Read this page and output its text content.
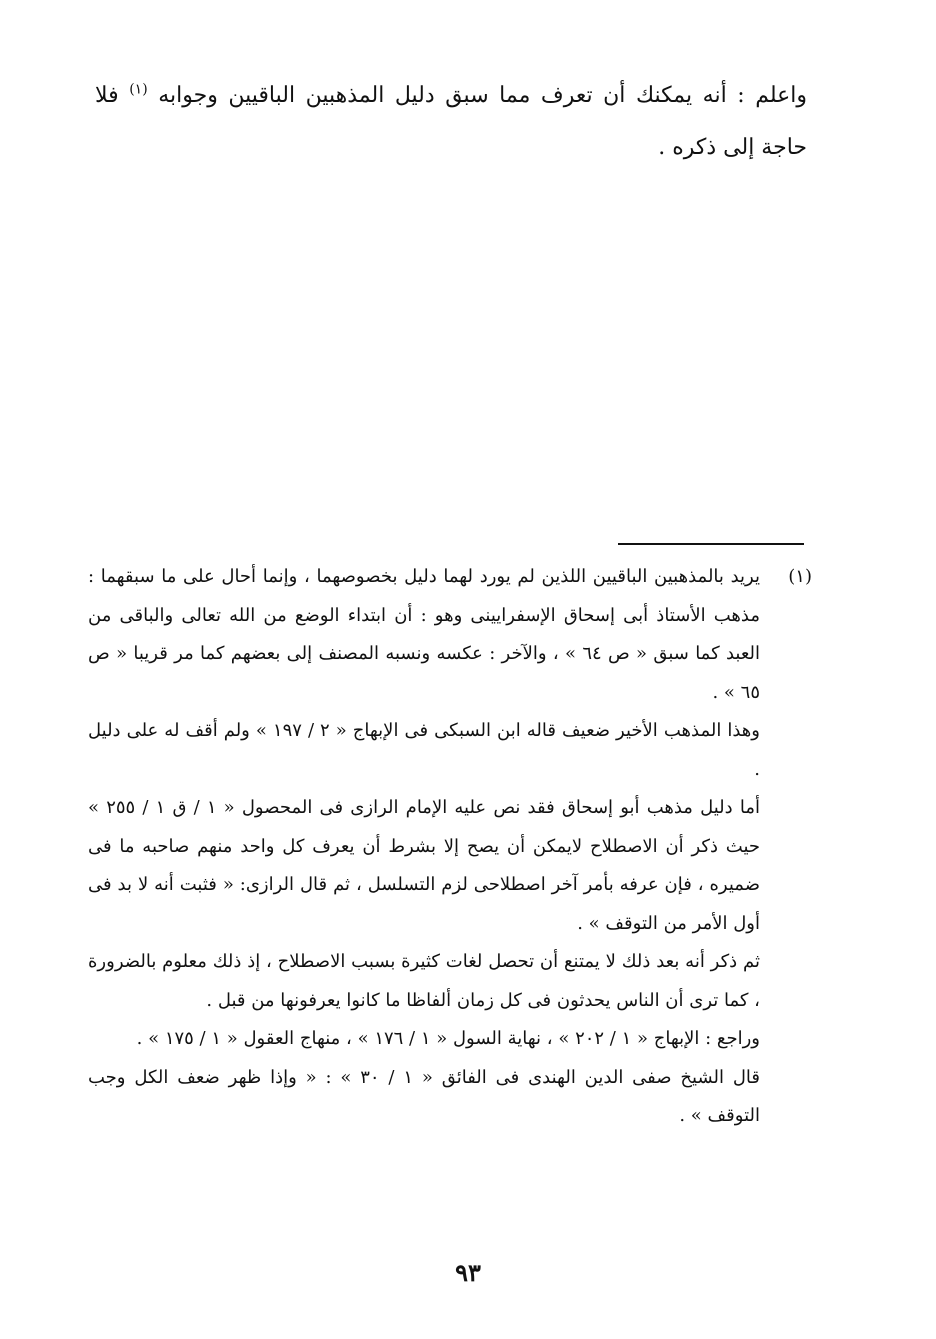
واعلم : أنه يمكنك أن تعرف مما سبق دليل المذهبين الباقيين وجوابه $^{(١)}$ فلا حاجة إلى ذكره .

(١)
يريد بالمذهبين الباقيين اللذين لم يورد لهما دليل بخصوصهما ، وإنما أحال على ما سبقهما : مذهب الأستاذ أبى إسحاق الإسفرايينى وهو : أن ابتداء الوضع من الله تعالى والباقى من العبد كما سبق « ص ٦٤ » ، والآخر : عكسه ونسبه المصنف إلى بعضهم كما مر قريبا « ص ٦٥ » .

وهذا المذهب الأخير ضعيف قاله ابن السبكى فى الإبهاج « ٢ / ١٩٧ » ولم أقف له على دليل .

أما دليل مذهب أبو إسحاق فقد نص عليه الإمام الرازى فى المحصول « ١ / ق ١ / ٢٥٥ » حيث ذكر أن الاصطلاح لايمكن أن يصح إلا بشرط أن يعرف كل واحد منهم صاحبه ما فى ضميره ، فإن عرفه بأمر آخر اصطلاحى لزم التسلسل ، ثم قال الرازى: « فثبت أنه لا بد فى أول الأمر من التوقف » .

ثم ذكر أنه بعد ذلك لا يمتنع أن تحصل لغات كثيرة بسبب الاصطلاح ، إذ ذلك معلوم بالضرورة ، كما ترى أن الناس يحدثون فى كل زمان ألفاظا ما كانوا يعرفونها من قبل .

وراجع : الإبهاج « ١ / ٢٠٢ » ، نهاية السول « ١ / ١٧٦ » ، منهاج العقول « ١ / ١٧٥ » .

قال الشيخ صفى الدين الهندى فى الفائق « ١ / ٣٠ » : « وإذا ظهر ضعف الكل وجب التوقف » .

٩٣
